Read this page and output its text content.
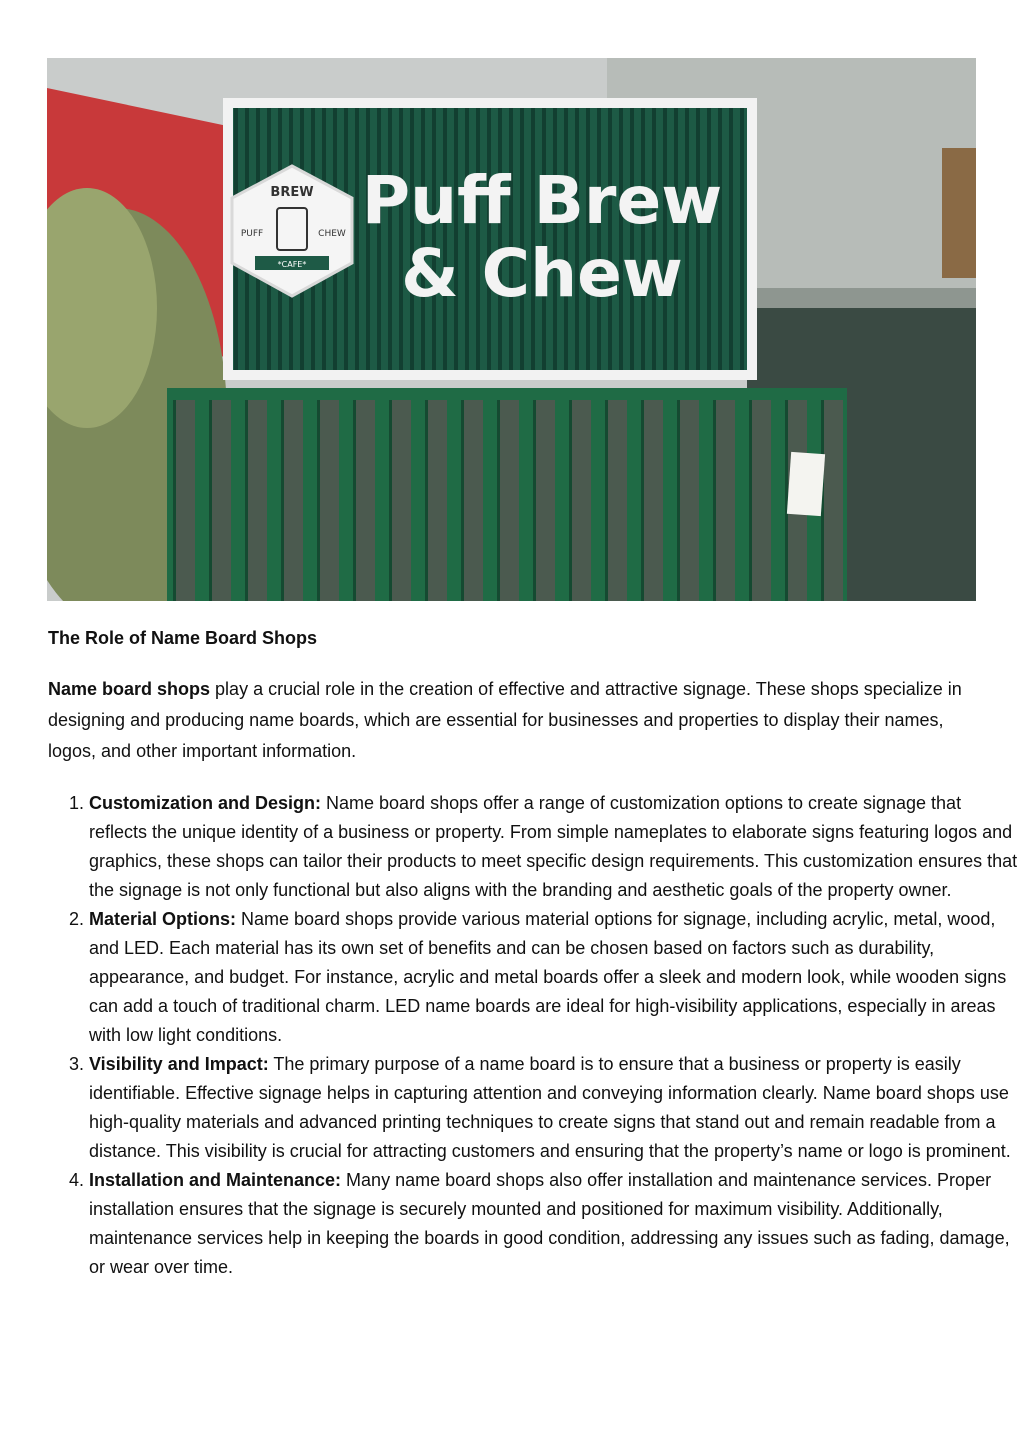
BREW
PUFF	CHEW
*CAFE*
Puff Brew
& Chew
The Role of Name Board Shops

Name board shops play a crucial role in the creation of effective and attractive signage. These shops specialize in designing and producing name boards, which are essential for businesses and properties to display their names, logos, and other important information.

1. Customization and Design: Name board shops offer a range of customization options to create signage that reflects the unique identity of a business or property. From simple nameplates to elaborate signs featuring logos and graphics, these shops can tailor their products to meet specific design requirements. This customization ensures that the signage is not only functional but also aligns with the branding and aesthetic goals of the property owner.
2. Material Options: Name board shops provide various material options for signage, including acrylic, metal, wood, and LED. Each material has its own set of benefits and can be chosen based on factors such as durability, appearance, and budget. For instance, acrylic and metal boards offer a sleek and modern look, while wooden signs can add a touch of traditional charm. LED name boards are ideal for high-visibility applications, especially in areas with low light conditions.
3. Visibility and Impact: The primary purpose of a name board is to ensure that a business or property is easily identifiable. Effective signage helps in capturing attention and conveying information clearly. Name board shops use high-quality materials and advanced printing techniques to create signs that stand out and remain readable from a distance. This visibility is crucial for attracting customers and ensuring that the property’s name or logo is prominent.
4. Installation and Maintenance: Many name board shops also offer installation and maintenance services. Proper installation ensures that the signage is securely mounted and positioned for maximum visibility. Additionally, maintenance services help in keeping the boards in good condition, addressing any issues such as fading, damage, or wear over time.
